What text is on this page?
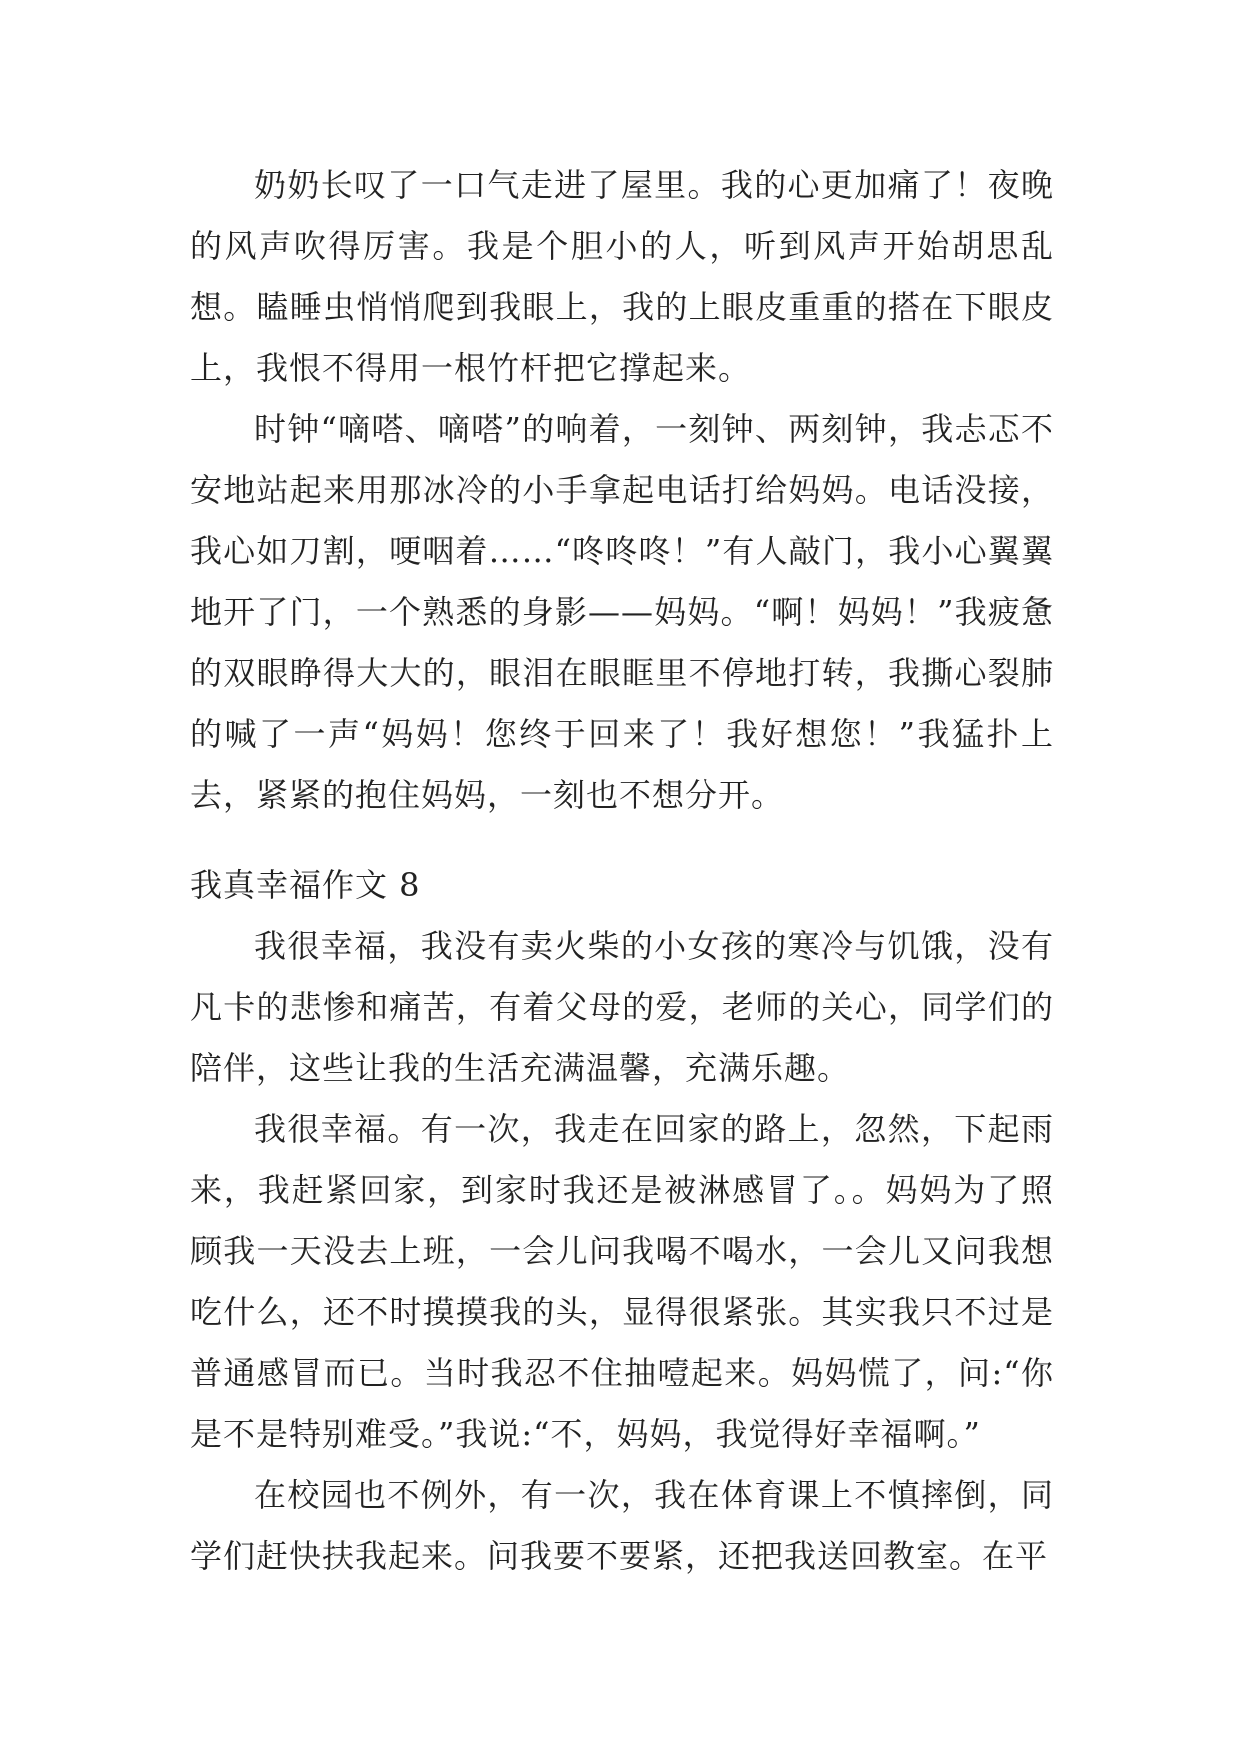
奶奶长叹了一口气走进了屋里。我的心更加痛了！夜晚的风声吹得厉害。我是个胆小的人，听到风声开始胡思乱想。瞌睡虫悄悄爬到我眼上，我的上眼皮重重的搭在下眼皮上，我恨不得用一根竹杆把它撑起来。

时钟“嘀嗒、嘀嗒”的响着，一刻钟、两刻钟，我忐忑不安地站起来用那冰冷的小手拿起电话打给妈妈。电话没接，我心如刀割，哽咽着……“咚咚咚！”有人敲门，我小心翼翼地开了门，一个熟悉的身影——妈妈。“啊！妈妈！”我疲惫的双眼睁得大大的，眼泪在眼眶里不停地打转，我撕心裂肺的喊了一声“妈妈！您终于回来了！我好想您！”我猛扑上去，紧紧的抱住妈妈，一刻也不想分开。

我真幸福作文 8

我很幸福，我没有卖火柴的小女孩的寒冷与饥饿，没有凡卡的悲惨和痛苦，有着父母的爱，老师的关心，同学们的陪伴，这些让我的生活充满温馨，充满乐趣。

我很幸福。有一次，我走在回家的路上，忽然，下起雨来，我赶紧回家，到家时我还是被淋感冒了。。妈妈为了照顾我一天没去上班，一会儿问我喝不喝水，一会儿又问我想吃什么，还不时摸摸我的头，显得很紧张。其实我只不过是普通感冒而已。当时我忍不住抽噎起来。妈妈慌了，问:“你是不是特别难受。”我说:“不，妈妈，我觉得好幸福啊。”

在校园也不例外，有一次，我在体育课上不慎摔倒，同学们赶快扶我起来。问我要不要紧，还把我送回教室。在平
